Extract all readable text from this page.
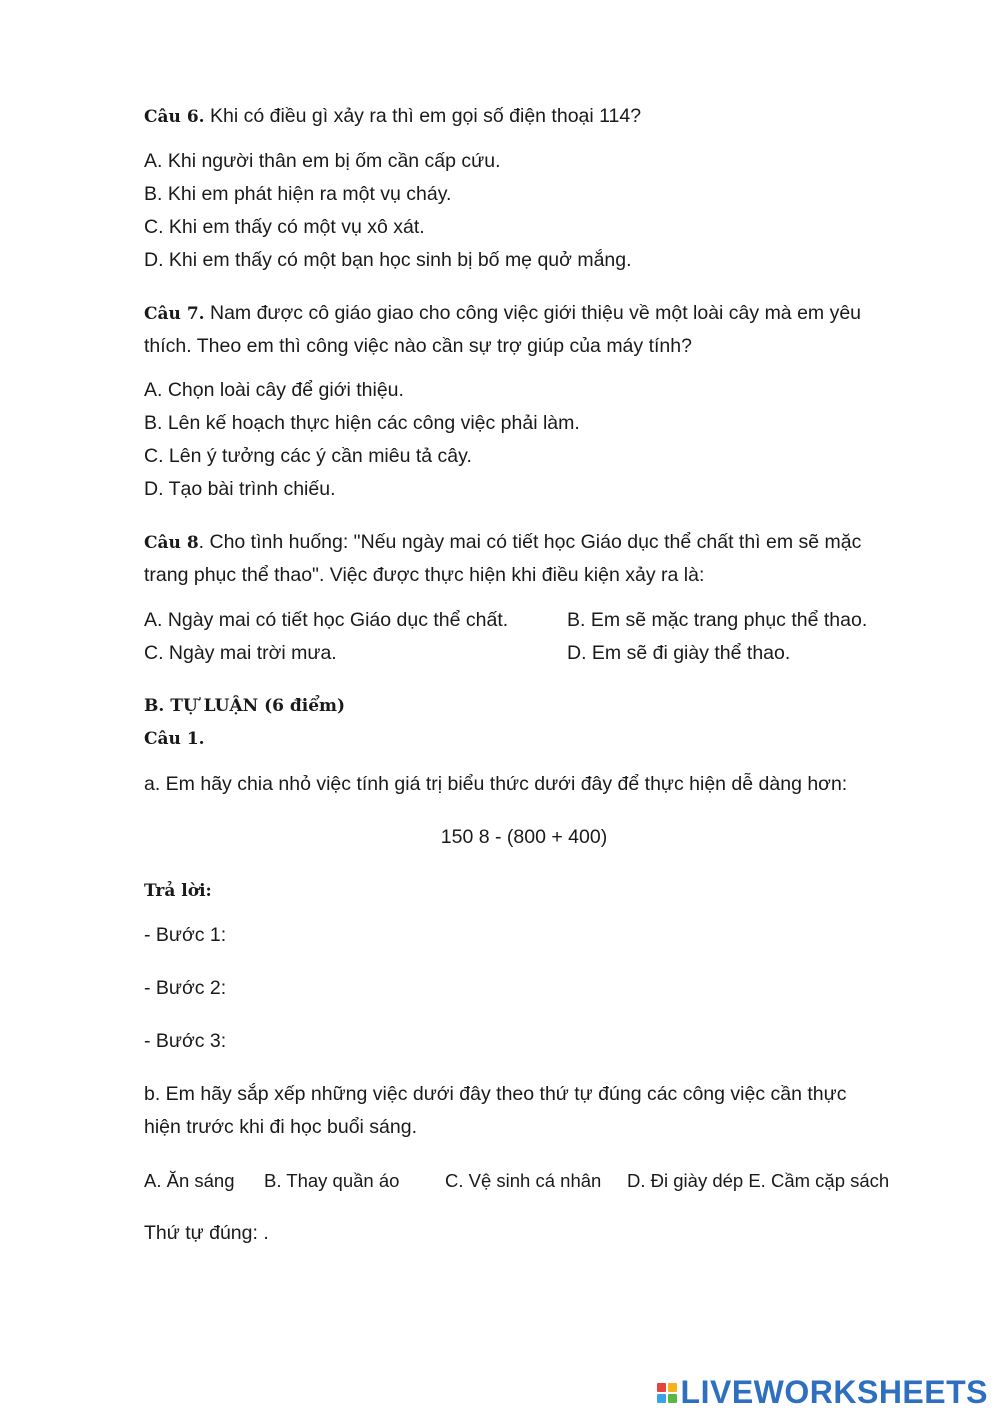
Câu 6. Khi có điều gì xảy ra thì em gọi số điện thoại 114?
A. Khi người thân em bị ốm cần cấp cứu.
B. Khi em phát hiện ra một vụ cháy.
C. Khi em thấy có một vụ xô xát.
D. Khi em thấy có một bạn học sinh bị bố mẹ quở mắng.
Câu 7. Nam được cô giáo giao cho công việc giới thiệu về một loài cây mà em yêu
thích. Theo em thì công việc nào cần sự trợ giúp của máy tính?
A. Chọn loài cây để giới thiệu.
B. Lên kế hoạch thực hiện các công việc phải làm.
C. Lên ý tưởng các ý cần miêu tả cây.
D. Tạo bài trình chiếu.
Câu 8. Cho tình huống: "Nếu ngày mai có tiết học Giáo dục thể chất thì em sẽ mặc
trang phục thể thao". Việc được thực hiện khi điều kiện xảy ra là:
A. Ngày mai có tiết học Giáo dục thể chất.	B. Em sẽ mặc trang phục thể thao.
C. Ngày mai trời mưa.	D. Em sẽ đi giày thể thao.
B. TỰ LUẬN (6 điểm)
Câu 1.
a. Em hãy chia nhỏ việc tính giá trị biểu thức dưới đây để thực hiện dễ dàng hơn:
150 8 - (800 + 400)
Trả lời:
- Bước 1:
- Bước 2:
- Bước 3:
b. Em hãy sắp xếp những việc dưới đây theo thứ tự đúng các công việc cần thực
hiện trước khi đi học buổi sáng.
A. Ăn sáng B. Thay quần áo C. Vệ sinh cá nhân D. Đi giày dép E. Cầm cặp sách
Thứ tự đúng: .
LIVEWORKSHEETS
